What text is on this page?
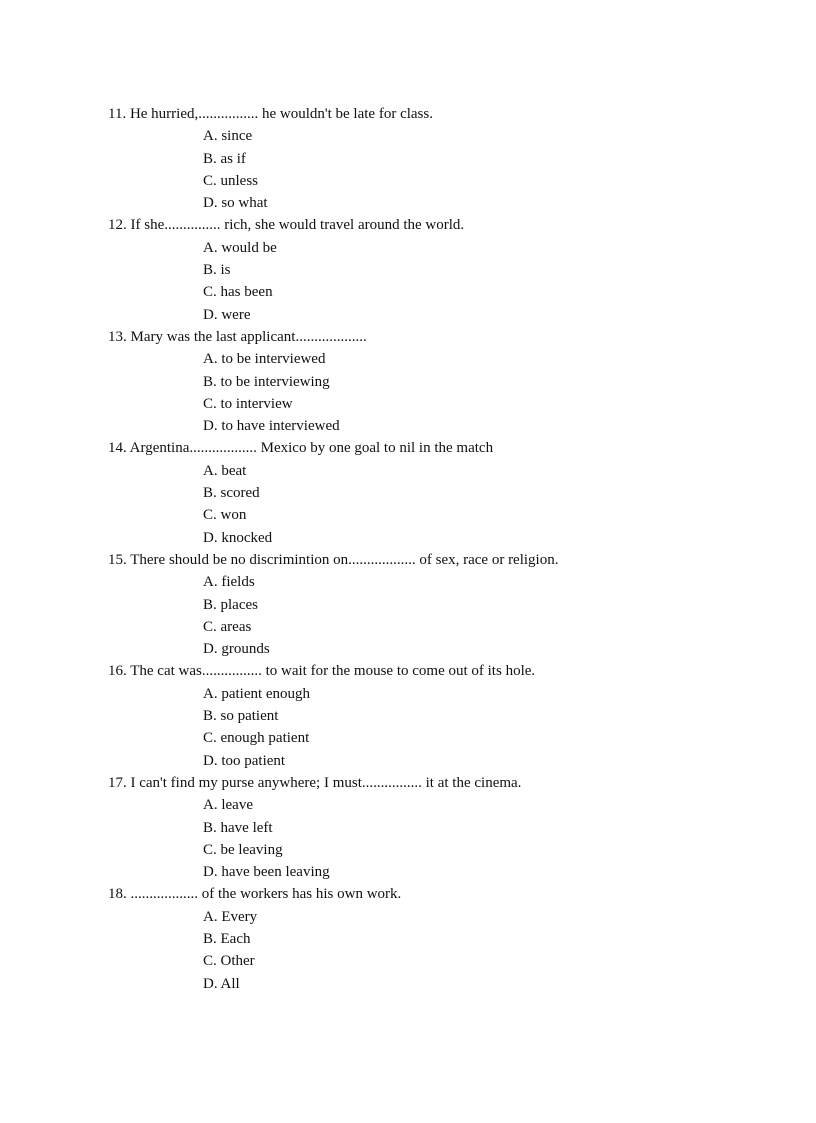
11. He hurried,................ he wouldn't be late for class.
A. since
B. as if
C. unless
D. so what
12. If she............... rich, she would travel around the world.
A. would be
B. is
C. has been
D. were
13. Mary was the last applicant...................
A. to be interviewed
B. to be interviewing
C. to interview
D. to have interviewed
14. Argentina.................. Mexico by one goal to nil in the match
A. beat
B. scored
C. won
D. knocked
15. There should be no discrimintion on.................. of sex, race or religion.
A. fields
B. places
C. areas
D. grounds
16. The cat was................ to wait for the mouse to come out of its hole.
A. patient enough
B. so patient
C. enough patient
D. too patient
17. I can't find my purse anywhere; I must................ it at the cinema.
A. leave
B. have left
C. be leaving
D. have been leaving
18. .................. of the workers has his own work.
A. Every
B. Each
C. Other
D. All
